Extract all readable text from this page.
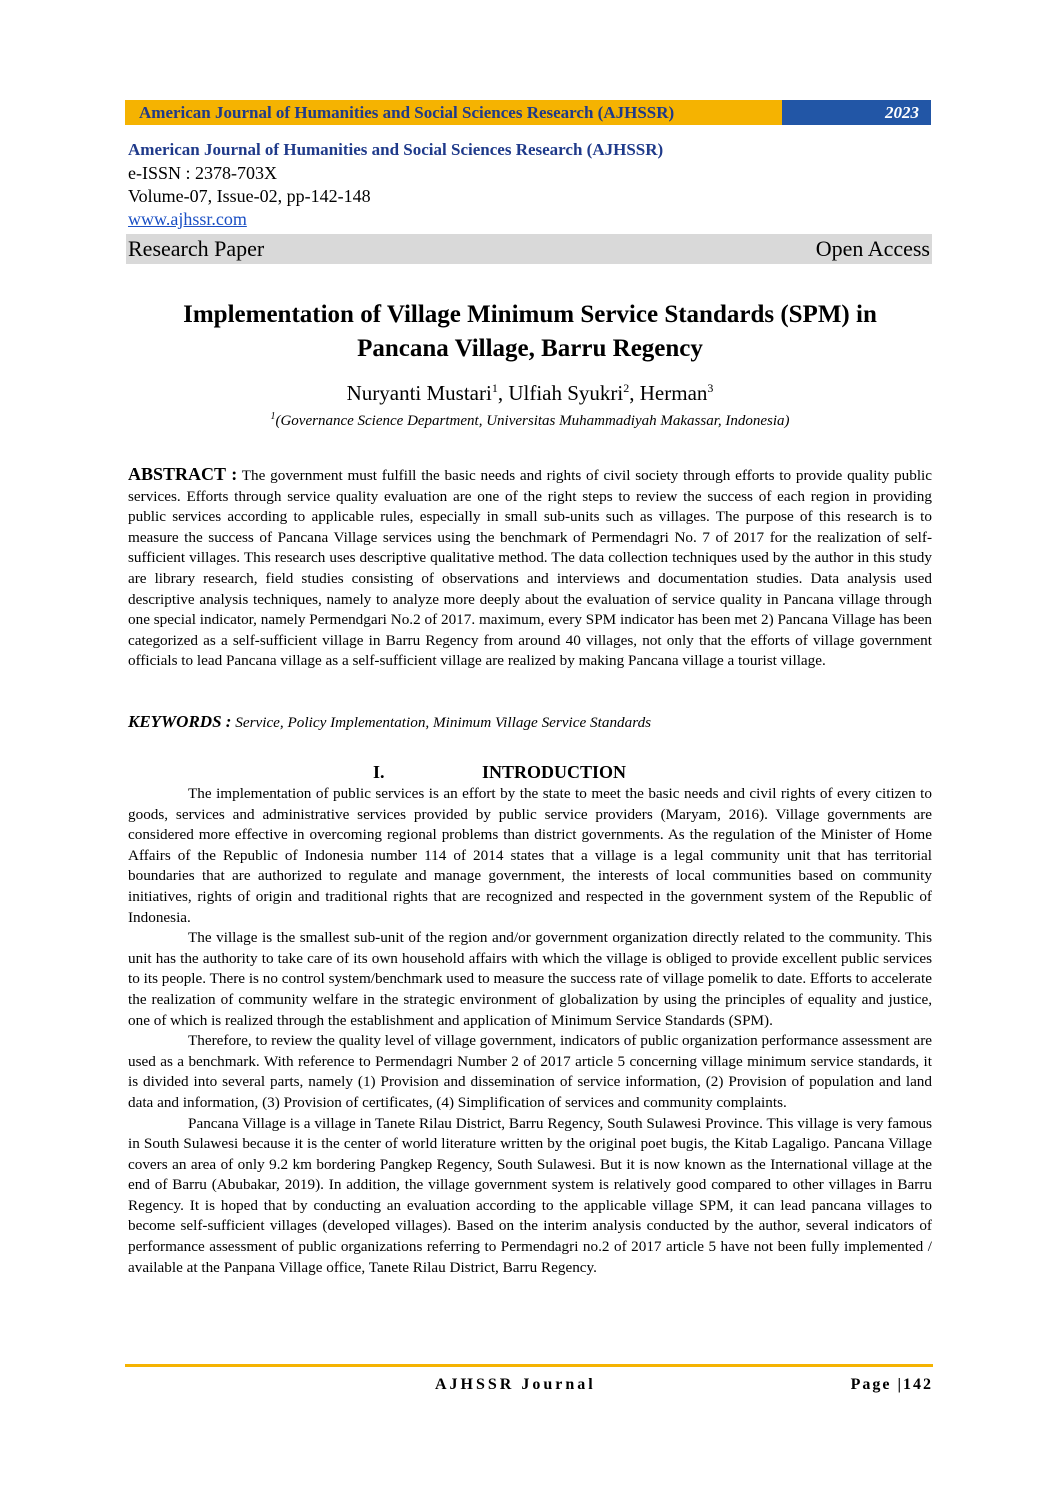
American Journal of Humanities and Social Sciences Research (AJHSSR)	2023
American Journal of Humanities and Social Sciences Research (AJHSSR)
e-ISSN : 2378-703X
Volume-07, Issue-02, pp-142-148
www.ajhssr.com
Research Paper	Open Access
Implementation of Village Minimum Service Standards (SPM) in
Pancana Village, Barru Regency
Nuryanti Mustari$^1$, Ulfiah Syukri$^2$, Herman$^3$
$^1$(Governance Science Department, Universitas Muhammadiyah Makassar, Indonesia)
ABSTRACT : The government must fulfill the basic needs and rights of civil society through efforts to provide quality public services. Efforts through service quality evaluation are one of the right steps to review the success of each region in providing public services according to applicable rules, especially in small sub-units such as villages. The purpose of this research is to measure the success of Pancana Village services using the benchmark of Permendagri No. 7 of 2017 for the realization of self-sufficient villages. This research uses descriptive qualitative method. The data collection techniques used by the author in this study are library research, field studies consisting of observations and interviews and documentation studies. Data analysis used descriptive analysis techniques, namely to analyze more deeply about the evaluation of service quality in Pancana village through one special indicator, namely Permendgari No.2 of 2017. maximum, every SPM indicator has been met 2) Pancana Village has been categorized as a self-sufficient village in Barru Regency from around 40 villages, not only that the efforts of village government officials to lead Pancana village as a self-sufficient village are realized by making Pancana village a tourist village.
KEYWORDS : Service, Policy Implementation, Minimum Village Service Standards
I.	INTRODUCTION

The implementation of public services is an effort by the state to meet the basic needs and civil rights of every citizen to goods, services and administrative services provided by public service providers (Maryam, 2016). Village governments are considered more effective in overcoming regional problems than district governments. As the regulation of the Minister of Home Affairs of the Republic of Indonesia number 114 of 2014 states that a village is a legal community unit that has territorial boundaries that are authorized to regulate and manage government, the interests of local communities based on community initiatives, rights of origin and traditional rights that are recognized and respected in the government system of the Republic of Indonesia.

The village is the smallest sub-unit of the region and/or government organization directly related to the community. This unit has the authority to take care of its own household affairs with which the village is obliged to provide excellent public services to its people. There is no control system/benchmark used to measure the success rate of village pomelik to date. Efforts to accelerate the realization of community welfare in the strategic environment of globalization by using the principles of equality and justice, one of which is realized through the establishment and application of Minimum Service Standards (SPM).

Therefore, to review the quality level of village government, indicators of public organization performance assessment are used as a benchmark. With reference to Permendagri Number 2 of 2017 article 5 concerning village minimum service standards, it is divided into several parts, namely (1) Provision and dissemination of service information, (2) Provision of population and land data and information, (3) Provision of certificates, (4) Simplification of services and community complaints.

Pancana Village is a village in Tanete Rilau District, Barru Regency, South Sulawesi Province. This village is very famous in South Sulawesi because it is the center of world literature written by the original poet bugis, the Kitab Lagaligo. Pancana Village covers an area of only 9.2 km bordering Pangkep Regency, South Sulawesi. But it is now known as the International village at the end of Barru (Abubakar, 2019). In addition, the village government system is relatively good compared to other villages in Barru Regency. It is hoped that by conducting an evaluation according to the applicable village SPM, it can lead pancana villages to become self-sufficient villages (developed villages). Based on the interim analysis conducted by the author, several indicators of performance assessment of public organizations referring to Permendagri no.2 of 2017 article 5 have not been fully implemented / available at the Panpana Village office, Tanete Rilau District, Barru Regency.

AJHSSR Journal	Page |142
